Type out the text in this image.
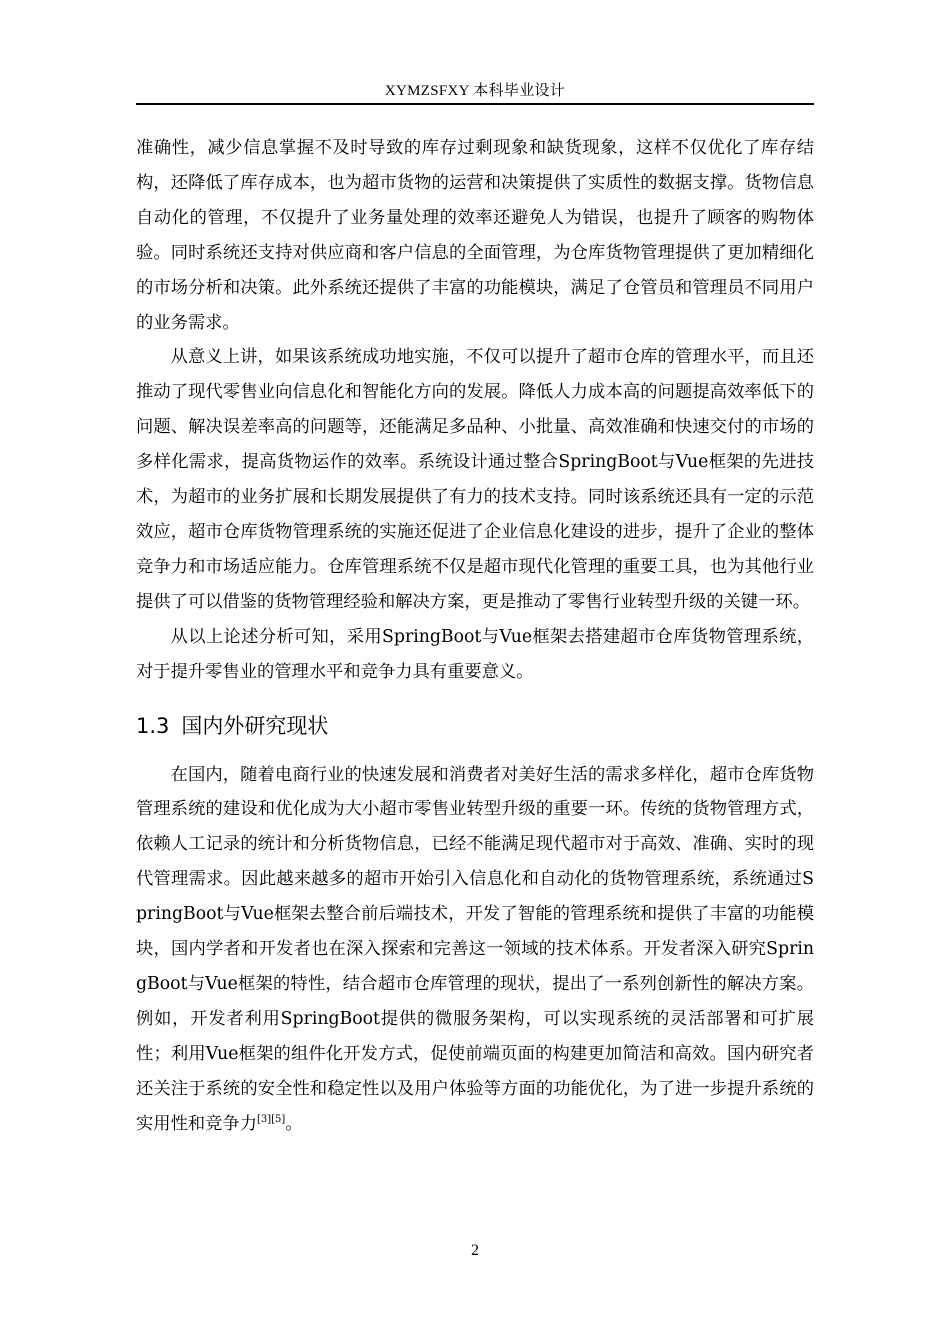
XYMZSFXY 本科毕业设计

准确性，减少信息掌握不及时导致的库存过剩现象和缺货现象，这样不仅优化了库存结构，还降低了库存成本，也为超市货物的运营和决策提供了实质性的数据支撑。货物信息自动化的管理，不仅提升了业务量处理的效率还避免人为错误，也提升了顾客的购物体验。同时系统还支持对供应商和客户信息的全面管理，为仓库货物管理提供了更加精细化的市场分析和决策。此外系统还提供了丰富的功能模块，满足了仓管员和管理员不同用户的业务需求。

从意义上讲，如果该系统成功地实施，不仅可以提升了超市仓库的管理水平，而且还推动了现代零售业向信息化和智能化方向的发展。降低人力成本高的问题提高效率低下的问题、解决误差率高的问题等，还能满足多品种、小批量、高效准确和快速交付的市场的多样化需求，提高货物运作的效率。系统设计通过整合SpringBoot与Vue框架的先进技术，为超市的业务扩展和长期发展提供了有力的技术支持。同时该系统还具有一定的示范效应，超市仓库货物管理系统的实施还促进了企业信息化建设的进步，提升了企业的整体竞争力和市场适应能力。仓库管理系统不仅是超市现代化管理的重要工具，也为其他行业提供了可以借鉴的货物管理经验和解决方案，更是推动了零售行业转型升级的关键一环。

从以上论述分析可知，采用SpringBoot与Vue框架去搭建超市仓库货物管理系统，对于提升零售业的管理水平和竞争力具有重要意义。

1.3 国内外研究现状

在国内，随着电商行业的快速发展和消费者对美好生活的需求多样化，超市仓库货物管理系统的建设和优化成为大小超市零售业转型升级的重要一环。传统的货物管理方式，依赖人工记录的统计和分析货物信息，已经不能满足现代超市对于高效、准确、实时的现代管理需求。因此越来越多的超市开始引入信息化和自动化的货物管理系统，系统通过SpringBoot与Vue框架去整合前后端技术，开发了智能的管理系统和提供了丰富的功能模块，国内学者和开发者也在深入探索和完善这一领域的技术体系。开发者深入研究SpringBoot与Vue框架的特性，结合超市仓库管理的现状，提出了一系列创新性的解决方案。例如，开发者利用SpringBoot提供的微服务架构，可以实现系统的灵活部署和可扩展性；利用Vue框架的组件化开发方式，促使前端页面的构建更加简洁和高效。国内研究者还关注于系统的安全性和稳定性以及用户体验等方面的功能优化，为了进一步提升系统的实用性和竞争力[3][5]。

2
